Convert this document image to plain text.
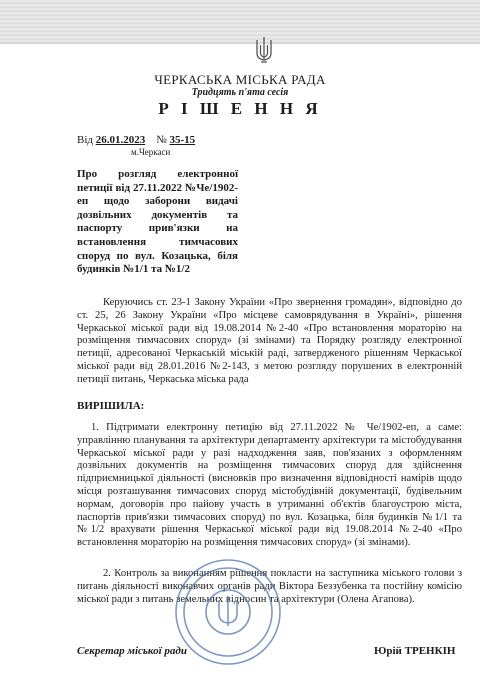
ЧЕРКАСЬКА МІСЬКА РАДА
Тридцять п'ята сесія
Р І Ш Е Н Н Я
Від 26.01.2023 № 35-15
м.Черкаси
Про розгляд електронної петиції від 27.11.2022 №Че/1902-еп щодо заборони видачі дозвільних документів та паспорту прив'язки на встановлення тимчасових споруд по вул. Козацька, біля будинків №1/1 та №1/2
Керуючись ст. 23-1 Закону України «Про звернення громадян», відповідно до ст. 25, 26 Закону України «Про місцеве самоврядування в Україні», рішення Черкаської міської ради від 19.08.2014 №2-40 «Про встановлення мораторію на розміщення тимчасових споруд» (зі змінами) та Порядку розгляду електронної петиції, адресованої Черкаській міській раді, затвердженого рішенням Черкаської міської ради від 28.01.2016 №2-143, з метою розгляду порушених в електронній петиції питань, Черкаська міська рада
ВИРІШИЛА:
1. Підтримати електронну петицію від 27.11.2022 № Че/1902-еп, а саме: управлінню планування та архітектури департаменту архітектури та містобудування Черкаської міської ради у разі надходження заяв, пов'язаних з оформленням дозвільних документів на розміщення тимчасових споруд для здійснення підприємницької діяльності (висновків про визначення відповідності намірів щодо місця розташування тимчасових споруд містобудівній документації, будівельним нормам, договорів про пайову участь в утриманні об'єктів благоустрою міста, паспортів прив'язки тимчасових споруд) по вул. Козацька, біля будинків №1/1 та №1/2 врахувати рішення Черкаської міської ради від 19.08.2014 №2-40 «Про встановлення мораторію на розміщення тимчасових споруд» (зі змінами).
2. Контроль за виконанням рішення покласти на заступника міського голови з питань діяльності виконавчих органів ради Віктора Беззубенка та постійну комісію міської ради з питань земельних відносин та архітектури (Олена Агапова).
Секретар міської ради	Юрій ТРЕНКІН
